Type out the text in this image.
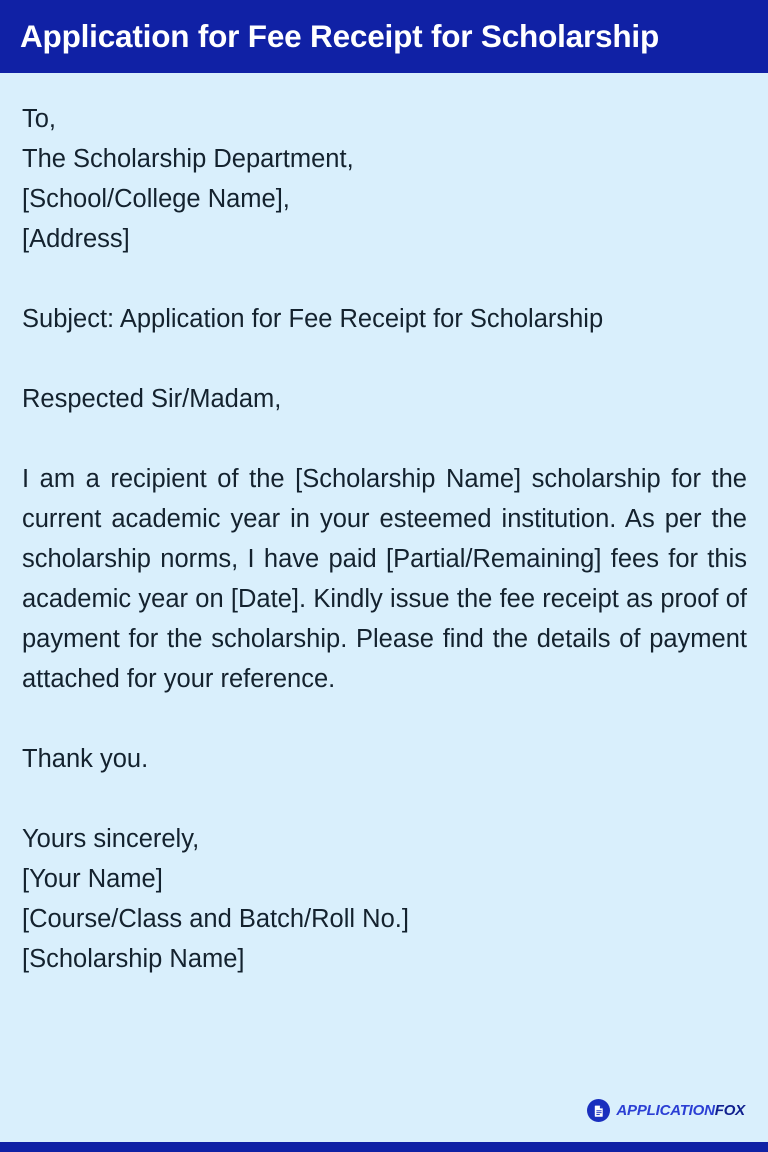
Application for Fee Receipt for Scholarship
To,
The Scholarship Department,
[School/College Name],
[Address]
Subject: Application for Fee Receipt for Scholarship
Respected Sir/Madam,
I am a recipient of the [Scholarship Name] scholarship for the current academic year in your esteemed institution. As per the scholarship norms, I have paid [Partial/Remaining] fees for this academic year on [Date]. Kindly issue the fee receipt as proof of payment for the scholarship. Please find the details of payment attached for your reference.
Thank you.
Yours sincerely,
[Your Name]
[Course/Class and Batch/Roll No.]
[Scholarship Name]
APPLICATIONFOX
